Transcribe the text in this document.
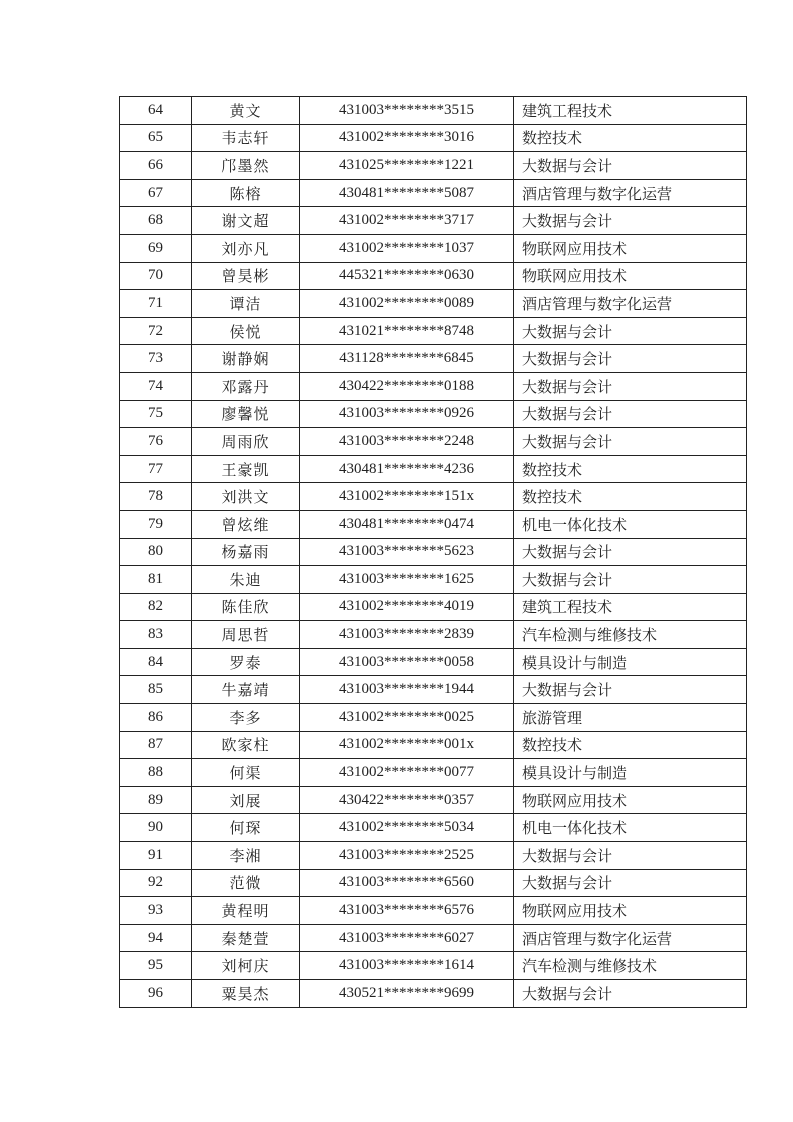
64	黄文	431003********3515	建筑工程技术
65	韦志轩	431002********3016	数控技术
66	邝墨然	431025********1221	大数据与会计
67	陈榕	430481********5087	酒店管理与数字化运营
68	谢文超	431002********3717	大数据与会计
69	刘亦凡	431002********1037	物联网应用技术
70	曾昊彬	445321********0630	物联网应用技术
71	谭洁	431002********0089	酒店管理与数字化运营
72	侯悦	431021********8748	大数据与会计
73	谢静娴	431128********6845	大数据与会计
74	邓露丹	430422********0188	大数据与会计
75	廖馨悦	431003********0926	大数据与会计
76	周雨欣	431003********2248	大数据与会计
77	王豪凯	430481********4236	数控技术
78	刘洪文	431002********151x	数控技术
79	曾炫维	430481********0474	机电一体化技术
80	杨嘉雨	431003********5623	大数据与会计
81	朱迪	431003********1625	大数据与会计
82	陈佳欣	431002********4019	建筑工程技术
83	周思哲	431003********2839	汽车检测与维修技术
84	罗泰	431003********0058	模具设计与制造
85	牛嘉靖	431003********1944	大数据与会计
86	李多	431002********0025	旅游管理
87	欧家柱	431002********001x	数控技术
88	何渠	431002********0077	模具设计与制造
89	刘展	430422********0357	物联网应用技术
90	何琛	431002********5034	机电一体化技术
91	李湘	431003********2525	大数据与会计
92	范微	431003********6560	大数据与会计
93	黄程明	431003********6576	物联网应用技术
94	秦楚萱	431003********6027	酒店管理与数字化运营
95	刘柯庆	431003********1614	汽车检测与维修技术
96	粟昊杰	430521********9699	大数据与会计
